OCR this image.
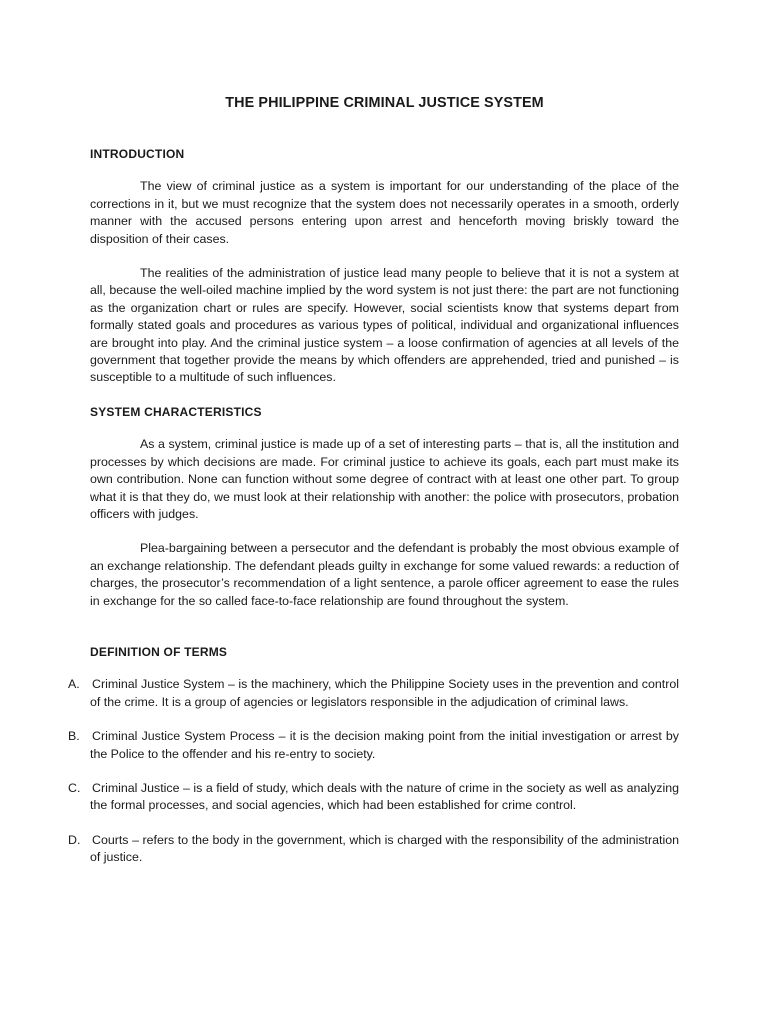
THE PHILIPPINE CRIMINAL JUSTICE SYSTEM
INTRODUCTION

The view of criminal justice as a system is important for our understanding of the place of the corrections in it, but we must recognize that the system does not necessarily operates in a smooth, orderly manner with the accused persons entering upon arrest and henceforth moving briskly toward the disposition of their cases.

The realities of the administration of justice lead many people to believe that it is not a system at all, because the well-oiled machine implied by the word system is not just there: the part are not functioning as the organization chart or rules are specify. However, social scientists know that systems depart from formally stated goals and procedures as various types of political, individual and organizational influences are brought into play. And the criminal justice system – a loose confirmation of agencies at all levels of the government that together provide the means by which offenders are apprehended, tried and punished – is susceptible to a multitude of such influences.

SYSTEM CHARACTERISTICS

As a system, criminal justice is made up of a set of interesting parts – that is, all the institution and processes by which decisions are made. For criminal justice to achieve its goals, each part must make its own contribution. None can function without some degree of contract with at least one other part. To group what it is that they do, we must look at their relationship with another: the police with prosecutors, probation officers with judges.

Plea-bargaining between a persecutor and the defendant is probably the most obvious example of an exchange relationship. The defendant pleads guilty in exchange for some valued rewards: a reduction of charges, the prosecutor’s recommendation of a light sentence, a parole officer agreement to ease the rules in exchange for the so called face-to-face relationship are found throughout the system.

DEFINITION OF TERMS
A. Criminal Justice System – is the machinery, which the Philippine Society uses in the prevention and control of the crime. It is a group of agencies or legislators responsible in the adjudication of criminal laws.
B. Criminal Justice System Process – it is the decision making point from the initial investigation or arrest by the Police to the offender and his re-entry to society.
C. Criminal Justice – is a field of study, which deals with the nature of crime in the society as well as analyzing the formal processes, and social agencies, which had been established for crime control.
D. Courts – refers to the body in the government, which is charged with the responsibility of the administration of justice.
